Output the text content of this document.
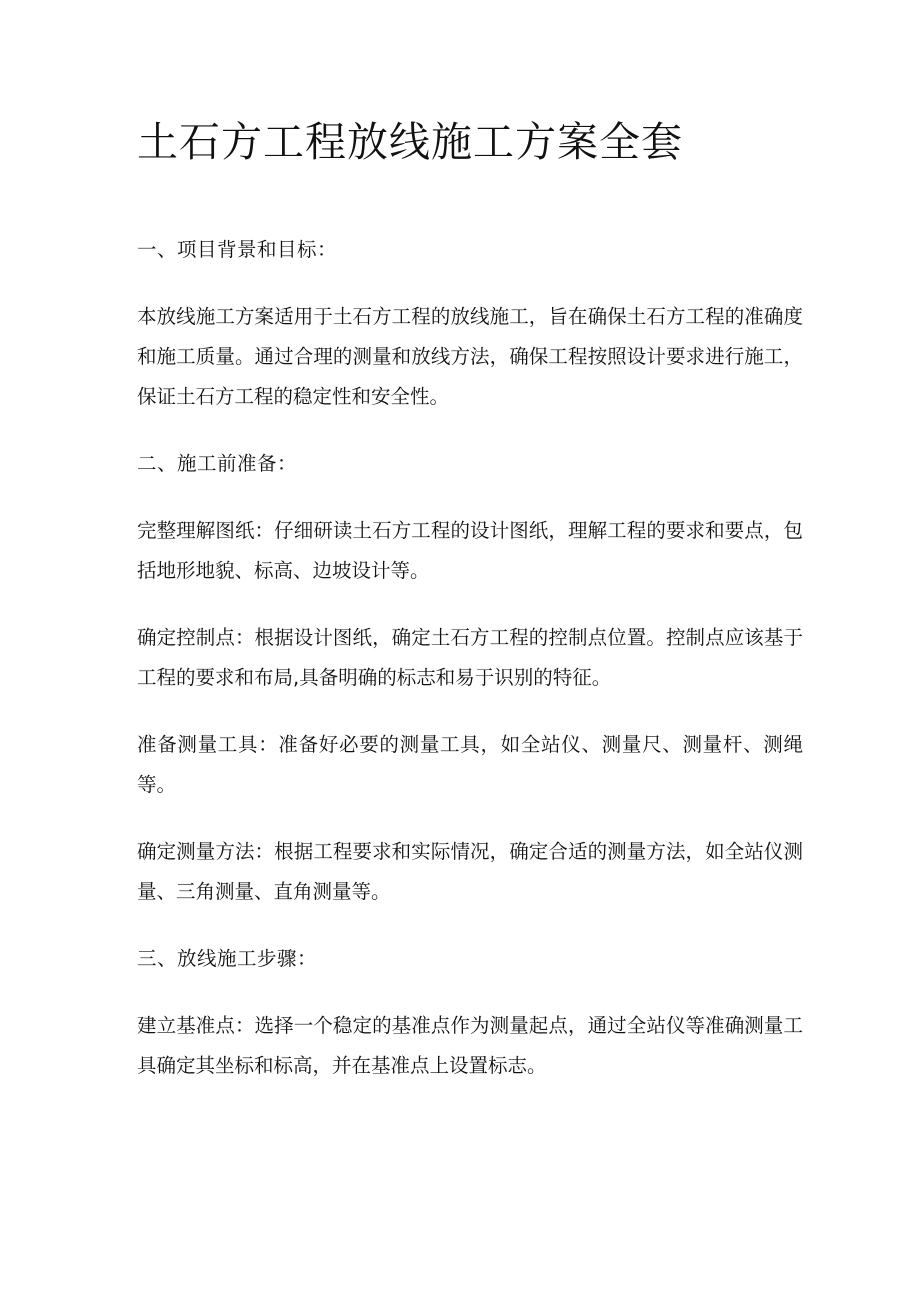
土石方工程放线施工方案全套

一、项目背景和目标：

本放线施工方案适用于土石方工程的放线施工，旨在确保土石方工程的准确度和施工质量。通过合理的测量和放线方法，确保工程按照设计要求进行施工，保证土石方工程的稳定性和安全性。

二、施工前准备：

完整理解图纸：仔细研读土石方工程的设计图纸，理解工程的要求和要点，包括地形地貌、标高、边坡设计等。

确定控制点：根据设计图纸，确定土石方工程的控制点位置。控制点应该基于工程的要求和布局,具备明确的标志和易于识别的特征。

准备测量工具：准备好必要的测量工具，如全站仪、测量尺、测量杆、测绳等。

确定测量方法：根据工程要求和实际情况，确定合适的测量方法，如全站仪测量、三角测量、直角测量等。

三、放线施工步骤：

建立基准点：选择一个稳定的基准点作为测量起点，通过全站仪等准确测量工具确定其坐标和标高，并在基准点上设置标志。
